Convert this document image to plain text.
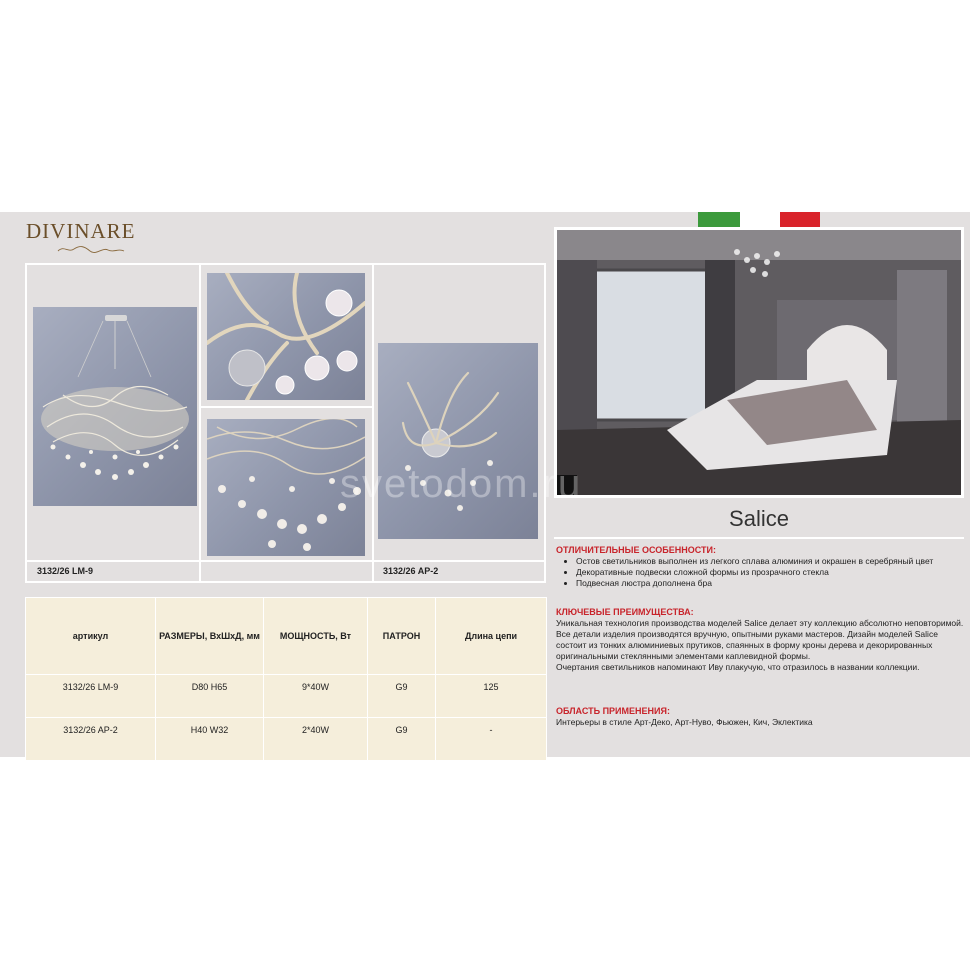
DIVINARE
3132/26 LM-9	3132/26 AP-2
артикул	РАЗМЕРЫ, ВхШхД, мм	МОЩНОСТЬ, Вт	ПАТРОН	Длина цепи
3132/26 LM-9	D80 H65	9*40W	G9	125
3132/26 AP-2	H40 W32	2*40W	G9	-
svetodom.ru
Salice
ОТЛИЧИТЕЛЬНЫЕ ОСОБЕННОСТИ:
• Остов светильников выполнен из легкого сплава алюминия и окрашен в серебряный цвет
• Декоративные подвески сложной формы из прозрачного стекла
• Подвесная люстра дополнена бра
КЛЮЧЕВЫЕ ПРЕИМУЩЕСТВА:

Уникальная технология производства моделей Salice делает эту коллекцию абсолютно неповторимой. Все детали изделия производятся вручную, опытными руками мастеров. Дизайн моделей Salice состоит из тонких алюминиевых прутиков, спаянных в форму кроны дерева и декорированных оригинальными стеклянными элементами каплевидной формы.

Очертания светильников напоминают Иву плакучую, что отразилось в названии коллекции.

ОБЛАСТЬ ПРИМЕНЕНИЯ:

Интерьеры в стиле Арт-Деко, Арт-Нуво, Фьюжен, Кич, Эклектика
